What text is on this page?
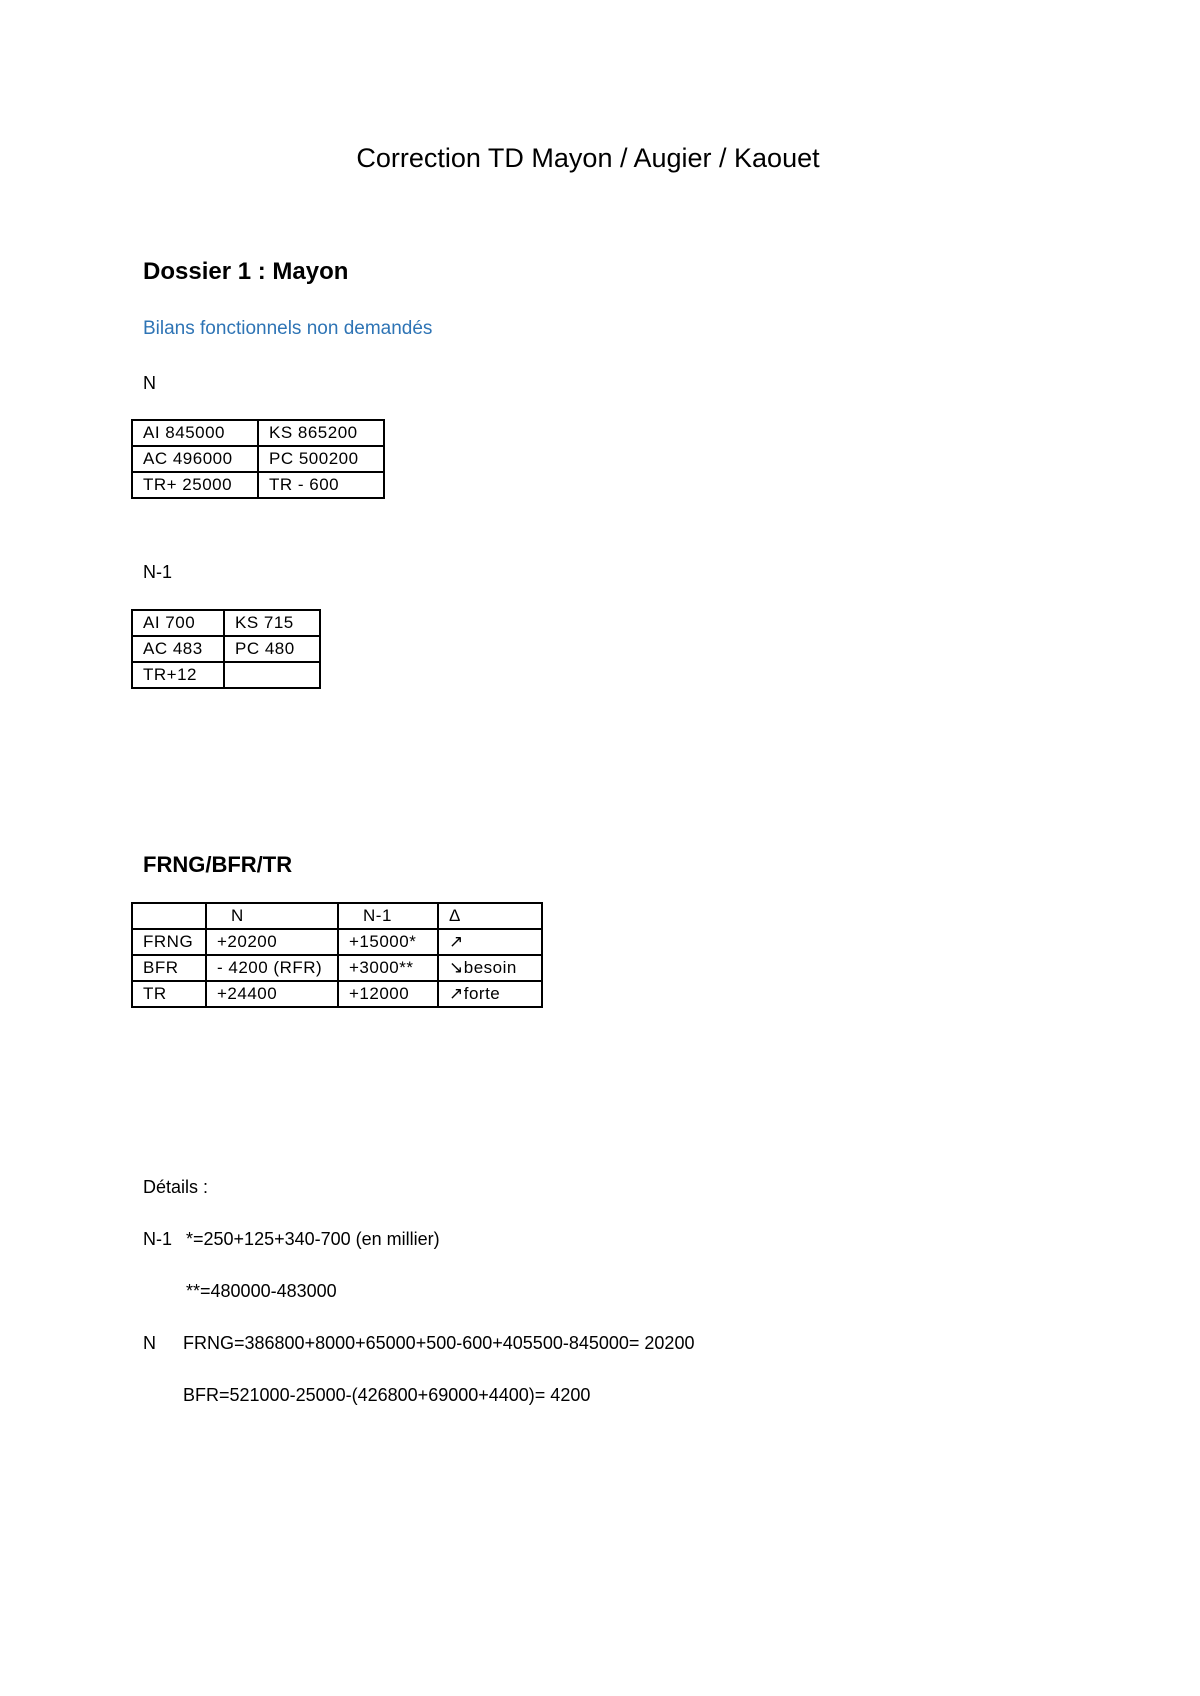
Correction TD Mayon / Augier / Kaouet
Dossier 1 : Mayon
Bilans fonctionnels non demandés
N
AI 845000	KS 865200
AC 496000	PC 500200
TR+ 25000	TR - 600
N-1
AI 700	KS 715
AC 483	PC 480
TR+12	
FRNG/BFR/TR
	N	N-1	Δ
FRNG	+20200	+15000*	↗
BFR	- 4200 (RFR)	+3000**	↘besoin
TR	+24400	+12000	↗forte
Détails :
N-1 *=250+125+340-700 (en millier)
**=480000-483000
N FRNG=386800+8000+65000+500-600+405500-845000= 20200
BFR=521000-25000-(426800+69000+4400)= 4200
